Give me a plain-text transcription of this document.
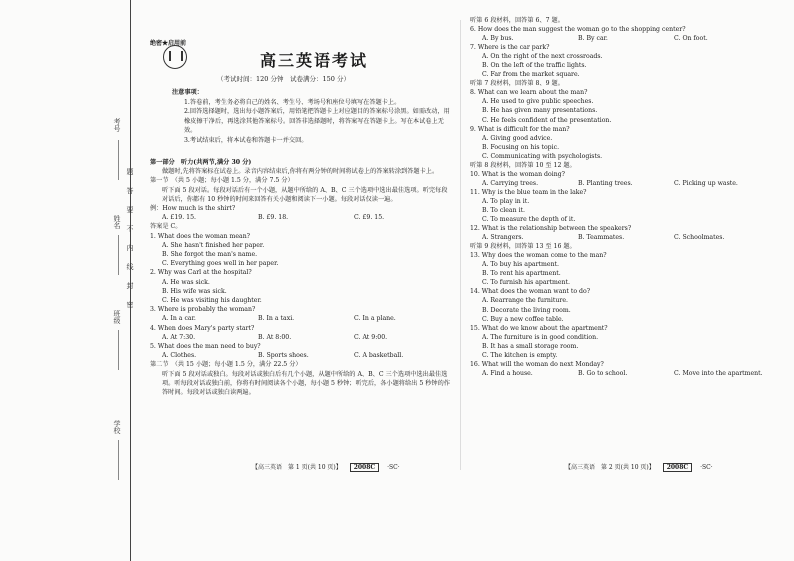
考号
姓名
班级
学校
题
答
要
不
内
线
封
密
绝密★启用前
高三英语考试
（考试时间：120 分钟　试卷满分：150 分）
注意事项：
1.答卷前，考生务必将自己的姓名、考生号、考场号和座位号填写在答题卡上。
2.回答选择题时，选出每小题答案后，用铅笔把答题卡上对应题目的答案标号涂黑。如需改动，用橡皮擦干净后，再选涂其他答案标号。回答非选择题时，将答案写在答题卡上。写在本试卷上无效。
3.考试结束后，将本试卷和答题卡一并交回。
第一部分　听力(共两节,满分 30 分)
做题时,先将答案标在试卷上。录音内容结束后,你将有两分钟的时间将试卷上的答案转涂到答题卡上。
第一节　（共 5 小题；每小题 1.5 分，满分 7.5 分）
听下面 5 段对话。每段对话后有一个小题，从题中所给的 A、B、C 三个选项中选出最佳选项。听完每段对话后，你都有 10 秒钟的时间来回答有关小题和阅读下一小题。每段对话仅读一遍。
例：How much is the shirt?
A. £19. 15.	B. £9. 18.	C. £9. 15.
答案是 C。
1. What does the woman mean?
A. She hasn't finished her paper.
B. She forgot the man's name.
C. Everything goes well in her paper.
2. Why was Carl at the hospital?
A. He was sick.
B. His wife was sick.
C. He was visiting his daughter.
3. Where is probably the woman?
A. In a car.	B. In a taxi.	C. In a plane.
4. When does Mary's party start?
A. At 7:30.	B. At 8:00.	C. At 9:00.
5. What does the man need to buy?
A. Clothes.	B. Sports shoes.	C. A basketball.
第二节　（共 15 小题；每小题 1.5 分，满分 22.5 分）
听下面 5 段对话或独白。每段对话或独白后有几个小题，从题中所给的 A、B、C 三个选项中选出最佳选项。听每段对话或独白前，你将有时间阅读各个小题，每小题 5 秒钟；听完后，各小题将给出 5 秒钟的作答时间。每段对话或独白读两遍。
【高三英语　第 1 页(共 10 页)】 2008C ·SC·
听第 6 段材料，回答第 6、7 题。
6. How does the man suggest the woman go to the shopping center?
A. By bus.	B. By car.	C. On foot.
7. Where is the car park?
A. On the right of the next crossroads.
B. On the left of the traffic lights.
C. Far from the market square.
听第 7 段材料，回答第 8、9 题。
8. What can we learn about the man?
A. He used to give public speeches.
B. He has given many presentations.
C. He feels confident of the presentation.
9. What is difficult for the man?
A. Giving good advice.
B. Focusing on his topic.
C. Communicating with psychologists.
听第 8 段材料，回答第 10 至 12 题。
10. What is the woman doing?
A. Carrying trees.	B. Planting trees.	C. Picking up waste.
11. Why is the blue team in the lake?
A. To play in it.
B. To clean it.
C. To measure the depth of it.
12. What is the relationship between the speakers?
A. Strangers.	B. Teammates.	C. Schoolmates.
听第 9 段材料，回答第 13 至 16 题。
13. Why does the woman come to the man?
A. To buy his apartment.
B. To rent his apartment.
C. To furnish his apartment.
14. What does the woman want to do?
A. Rearrange the furniture.
B. Decorate the living room.
C. Buy a new coffee table.
15. What do we know about the apartment?
A. The furniture is in good condition.
B. It has a small storage room.
C. The kitchen is empty.
16. What will the woman do next Monday?
A. Find a house.	B. Go to school.	C. Move into the apartment.
【高三英语　第 2 页(共 10 页)】 2008C ·SC·
